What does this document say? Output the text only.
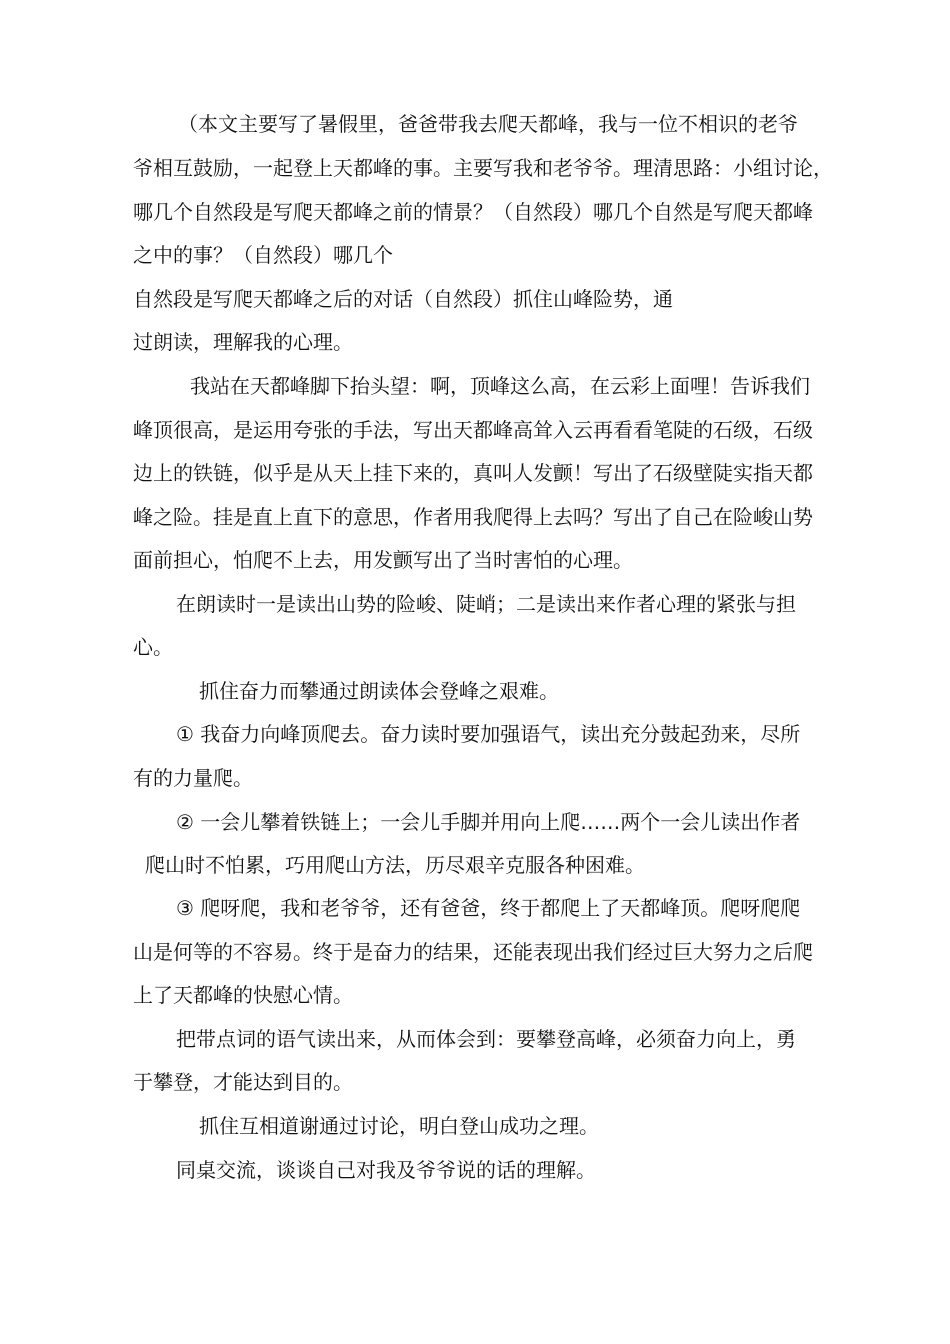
（本文主要写了暑假里，爸爸带我去爬天都峰，我与一位不相识的老爷
爷相互鼓励，一起登上天都峰的事。主要写我和老爷爷。理清思路：小组讨论，
哪几个自然段是写爬天都峰之前的情景？（自然段）哪几个自然是写爬天都峰
之中的事？（自然段）哪几个
自然段是写爬天都峰之后的对话（自然段）抓住山峰险势，通
过朗读，理解我的心理。
我站在天都峰脚下抬头望：啊，顶峰这么高，在云彩上面哩！告诉我们
峰顶很高，是运用夸张的手法，写出天都峰高耸入云再看看笔陡的石级，石级
边上的铁链，似乎是从天上挂下来的，真叫人发颤！写出了石级壁陡实指天都
峰之险。挂是直上直下的意思，作者用我爬得上去吗？写出了自己在险峻山势
面前担心，怕爬不上去，用发颤写出了当时害怕的心理。
在朗读时一是读出山势的险峻、陡峭；二是读出来作者心理的紧张与担
心。
抓住奋力而攀通过朗读体会登峰之艰难。
① 我奋力向峰顶爬去。奋力读时要加强语气，读出充分鼓起劲来，尽所
有的力量爬。
② 一会儿攀着铁链上；一会儿手脚并用向上爬……两个一会儿读出作者
爬山时不怕累，巧用爬山方法，历尽艰辛克服各种困难。
③ 爬呀爬，我和老爷爷，还有爸爸，终于都爬上了天都峰顶。爬呀爬爬
山是何等的不容易。终于是奋力的结果，还能表现出我们经过巨大努力之后爬
上了天都峰的快慰心情。
把带点词的语气读出来，从而体会到：要攀登高峰，必须奋力向上，勇
于攀登，才能达到目的。
抓住互相道谢通过讨论，明白登山成功之理。
同桌交流，谈谈自己对我及爷爷说的话的理解。
